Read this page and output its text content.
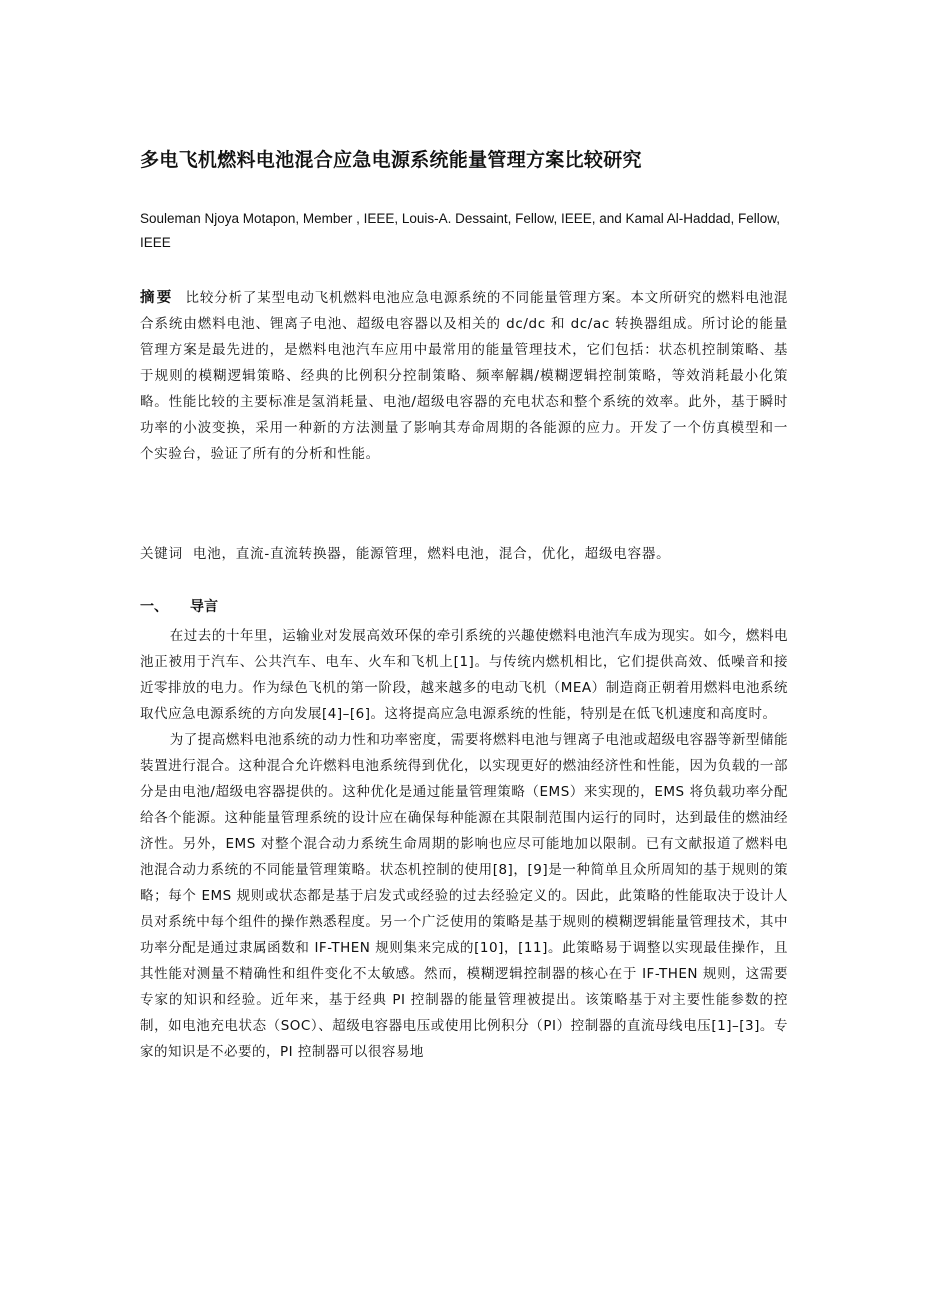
多电飞机燃料电池混合应急电源系统能量管理方案比较研究

Souleman Njoya Motapon, Member , IEEE, Louis-A. Dessaint, Fellow, IEEE, and Kamal Al-Haddad, Fellow, IEEE

摘要 比较分析了某型电动飞机燃料电池应急电源系统的不同能量管理方案。本文所研究的燃料电池混合系统由燃料电池、锂离子电池、超级电容器以及相关的 dc/dc 和 dc/ac 转换器组成。所讨论的能量管理方案是最先进的，是燃料电池汽车应用中最常用的能量管理技术，它们包括：状态机控制策略、基于规则的模糊逻辑策略、经典的比例积分控制策略、频率解耦/模糊逻辑控制策略，等效消耗最小化策略。性能比较的主要标准是氢消耗量、电池/超级电容器的充电状态和整个系统的效率。此外，基于瞬时功率的小波变换，采用一种新的方法测量了影响其寿命周期的各能源的应力。开发了一个仿真模型和一个实验台，验证了所有的分析和性能。

关键词 电池，直流-直流转换器，能源管理，燃料电池，混合，优化，超级电容器。

一、 导言

在过去的十年里，运输业对发展高效环保的牵引系统的兴趣使燃料电池汽车成为现实。如今，燃料电池正被用于汽车、公共汽车、电车、火车和飞机上[1]。与传统内燃机相比，它们提供高效、低噪音和接近零排放的电力。作为绿色飞机的第一阶段，越来越多的电动飞机（MEA）制造商正朝着用燃料电池系统取代应急电源系统的方向发展[4]–[6]。这将提高应急电源系统的性能，特别是在低飞机速度和高度时。

为了提高燃料电池系统的动力性和功率密度，需要将燃料电池与锂离子电池或超级电容器等新型储能装置进行混合。这种混合允许燃料电池系统得到优化，以实现更好的燃油经济性和性能，因为负载的一部分是由电池/超级电容器提供的。这种优化是通过能量管理策略（EMS）来实现的，EMS 将负载功率分配给各个能源。这种能量管理系统的设计应在确保每种能源在其限制范围内运行的同时，达到最佳的燃油经济性。另外，EMS 对整个混合动力系统生命周期的影响也应尽可能地加以限制。已有文献报道了燃料电池混合动力系统的不同能量管理策略。状态机控制的使用[8]，[9]是一种简单且众所周知的基于规则的策略；每个 EMS 规则或状态都是基于启发式或经验的过去经验定义的。因此，此策略的性能取决于设计人员对系统中每个组件的操作熟悉程度。另一个广泛使用的策略是基于规则的模糊逻辑能量管理技术，其中功率分配是通过隶属函数和 IF-THEN 规则集来完成的[10]，[11]。此策略易于调整以实现最佳操作，且其性能对测量不精确性和组件变化不太敏感。然而，模糊逻辑控制器的核心在于 IF-THEN 规则，这需要专家的知识和经验。近年来，基于经典 PI 控制器的能量管理被提出。该策略基于对主要性能参数的控制，如电池充电状态（SOC）、超级电容器电压或使用比例积分（PI）控制器的直流母线电压[1]–[3]。专家的知识是不必要的，PI 控制器可以很容易地
